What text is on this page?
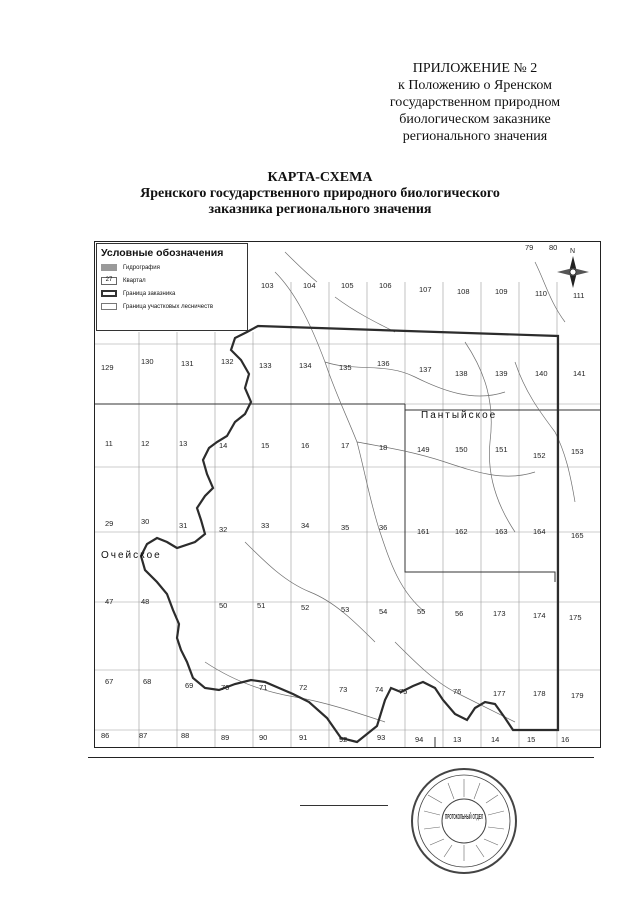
ПРИЛОЖЕНИЕ № 2
к Положению о Яренском
государственном природном
биологическом заказнике
регионального значения
КАРТА-СХЕМА
Яренского государственного природного биологического
заказника регионального значения
79 80
103	104	105	106	107	108	109	110	111
129
130	131	132	133	134	135	136
137	138	139	140	141
11	12	13	14	15	16	17	18	149	150	151
152	153
29	30	31	32	33	34	35	36	161	162	163	164	165
47	48	50	51	52	53	54	55	56	173	174	175
67	68	69	70	71	72	73	74 75	76	177	178	179
86	87	88	89	90	91	92	93	94	13	14	15	16
Пантыйское
Очейское
N
Условные обозначения
Гидрография
27	Квартал
Граница заказника
Граница участковых лесничеств
ПРОТОКОЛЬНЫЙ ОТДЕЛ
